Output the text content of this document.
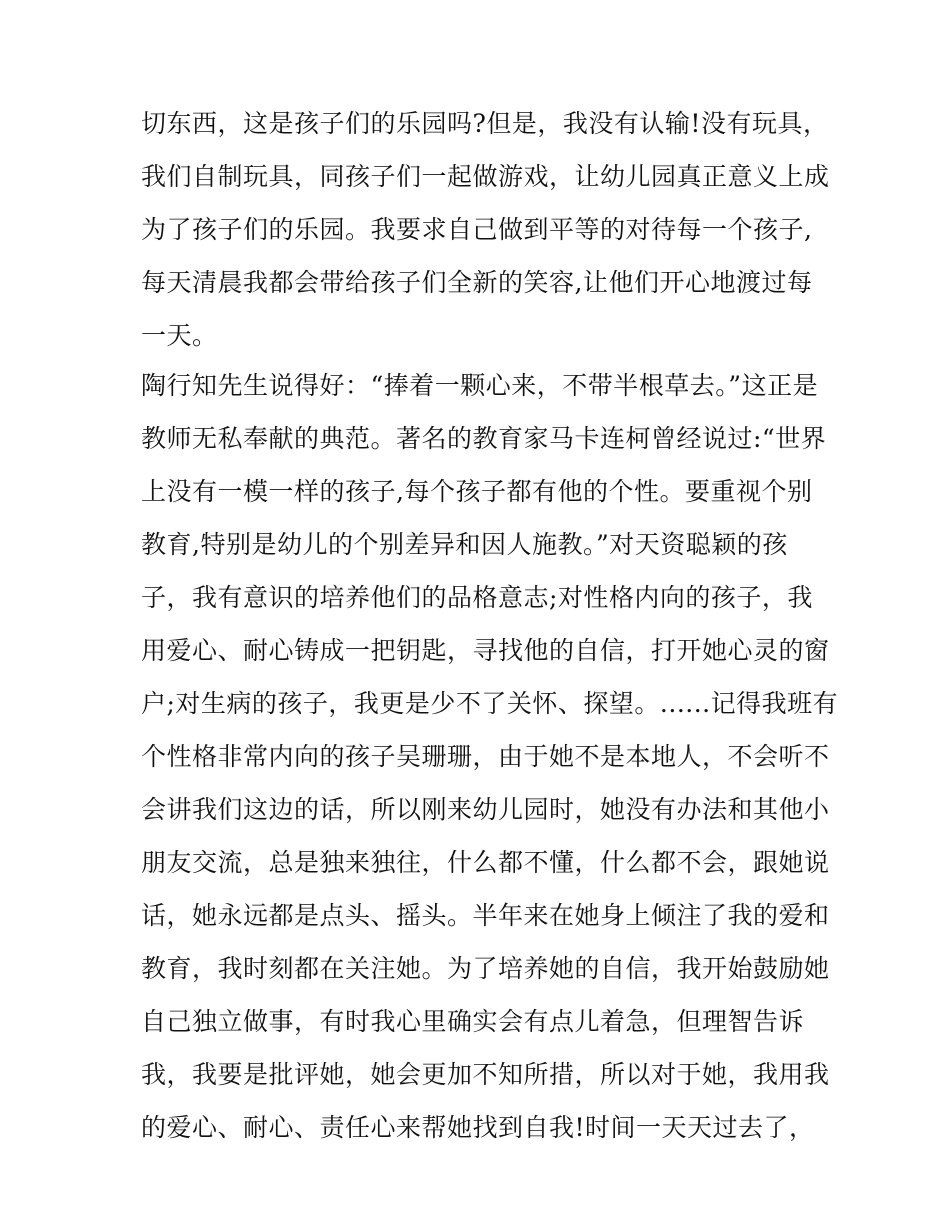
切东西，这是孩子们的乐园吗?但是，我没有认输!没有玩具，
我们自制玩具，同孩子们一起做游戏，让幼儿园真正意义上成
为了孩子们的乐园。我要求自己做到平等的对待每一个孩子,
每天清晨我都会带给孩子们全新的笑容,让他们开心地渡过每
一天。
陶行知先生说得好：“捧着一颗心来，不带半根草去。”这正是
教师无私奉献的典范。著名的教育家马卡连柯曾经说过:“世界
上没有一模一样的孩子,每个孩子都有他的个性。要重视个别
教育,特别是幼儿的个别差异和因人施教。”对天资聪颖的孩
子，我有意识的培养他们的品格意志;对性格内向的孩子，我
用爱心、耐心铸成一把钥匙，寻找他的自信，打开她心灵的窗
户;对生病的孩子，我更是少不了关怀、探望。......记得我班有
个性格非常内向的孩子吴珊珊，由于她不是本地人，不会听不
会讲我们这边的话，所以刚来幼儿园时，她没有办法和其他小
朋友交流，总是独来独往，什么都不懂，什么都不会，跟她说
话，她永远都是点头、摇头。半年来在她身上倾注了我的爱和
教育，我时刻都在关注她。为了培养她的自信，我开始鼓励她
自己独立做事，有时我心里确实会有点儿着急，但理智告诉
我，我要是批评她，她会更加不知所措，所以对于她，我用我
的爱心、耐心、责任心来帮她找到自我!时间一天天过去了，
